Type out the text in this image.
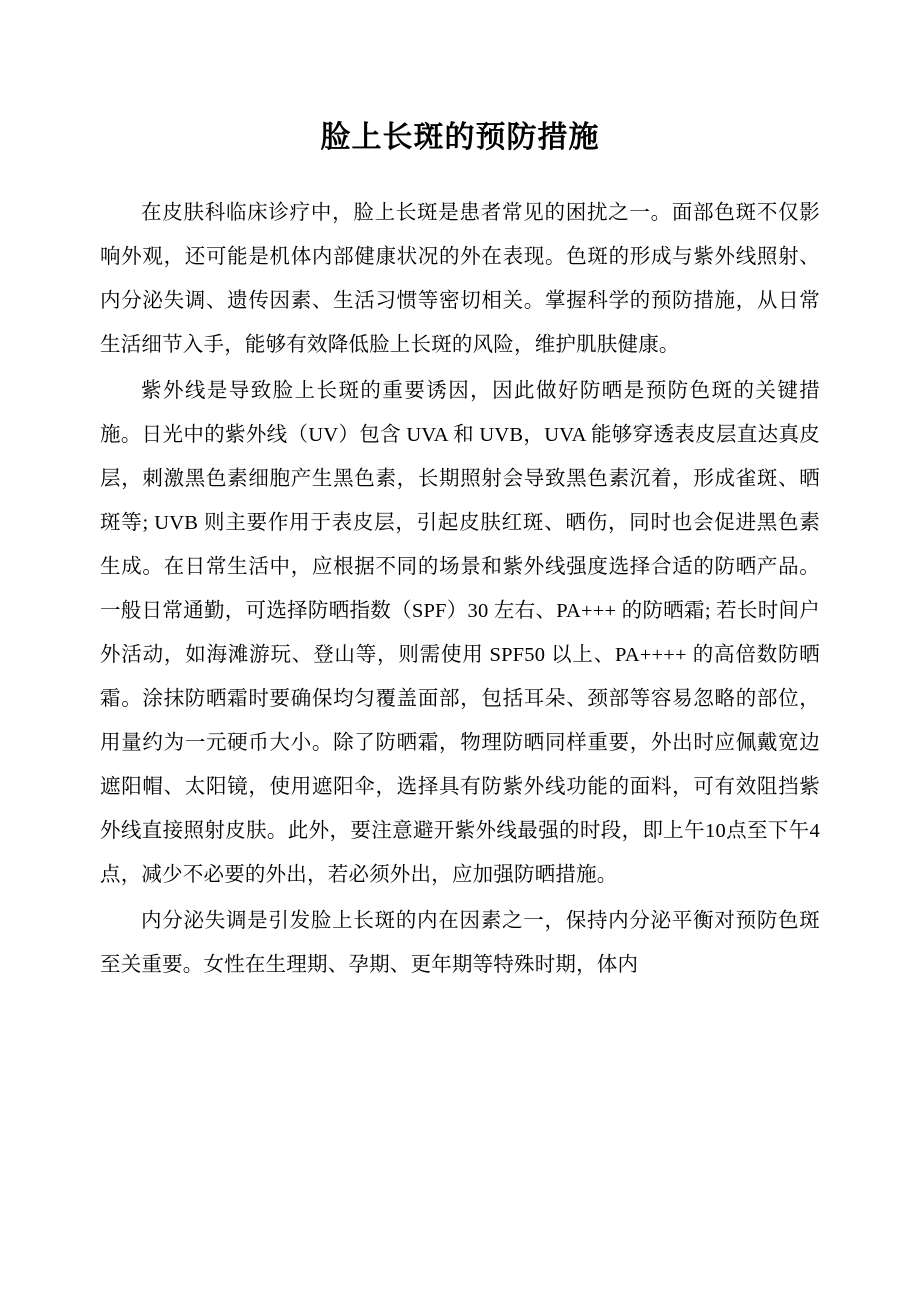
脸上长斑的预防措施

在皮肤科临床诊疗中，脸上长斑是患者常见的困扰之一。面部色斑不仅影响外观，还可能是机体内部健康状况的外在表现。色斑的形成与紫外线照射、内分泌失调、遗传因素、生活习惯等密切相关。掌握科学的预防措施，从日常生活细节入手，能够有效降低脸上长斑的风险，维护肌肤健康。

紫外线是导致脸上长斑的重要诱因，因此做好防晒是预防色斑的关键措施。日光中的紫外线（UV）包含 UVA 和 UVB，UVA 能够穿透表皮层直达真皮层，刺激黑色素细胞产生黑色素，长期照射会导致黑色素沉着，形成雀斑、晒斑等; UVB 则主要作用于表皮层，引起皮肤红斑、晒伤，同时也会促进黑色素生成。在日常生活中，应根据不同的场景和紫外线强度选择合适的防晒产品。一般日常通勤，可选择防晒指数（SPF）30 左右、PA+++ 的防晒霜; 若长时间户外活动，如海滩游玩、登山等，则需使用 SPF50 以上、PA++++ 的高倍数防晒霜。涂抹防晒霜时要确保均匀覆盖面部，包括耳朵、颈部等容易忽略的部位，用量约为一元硬币大小。除了防晒霜，物理防晒同样重要，外出时应佩戴宽边遮阳帽、太阳镜，使用遮阳伞，选择具有防紫外线功能的面料，可有效阻挡紫外线直接照射皮肤。此外，要注意避开紫外线最强的时段，即上午10点至下午4点，减少不必要的外出，若必须外出，应加强防晒措施。

内分泌失调是引发脸上长斑的内在因素之一，保持内分泌平衡对预防色斑至关重要。女性在生理期、孕期、更年期等特殊时期，体内
